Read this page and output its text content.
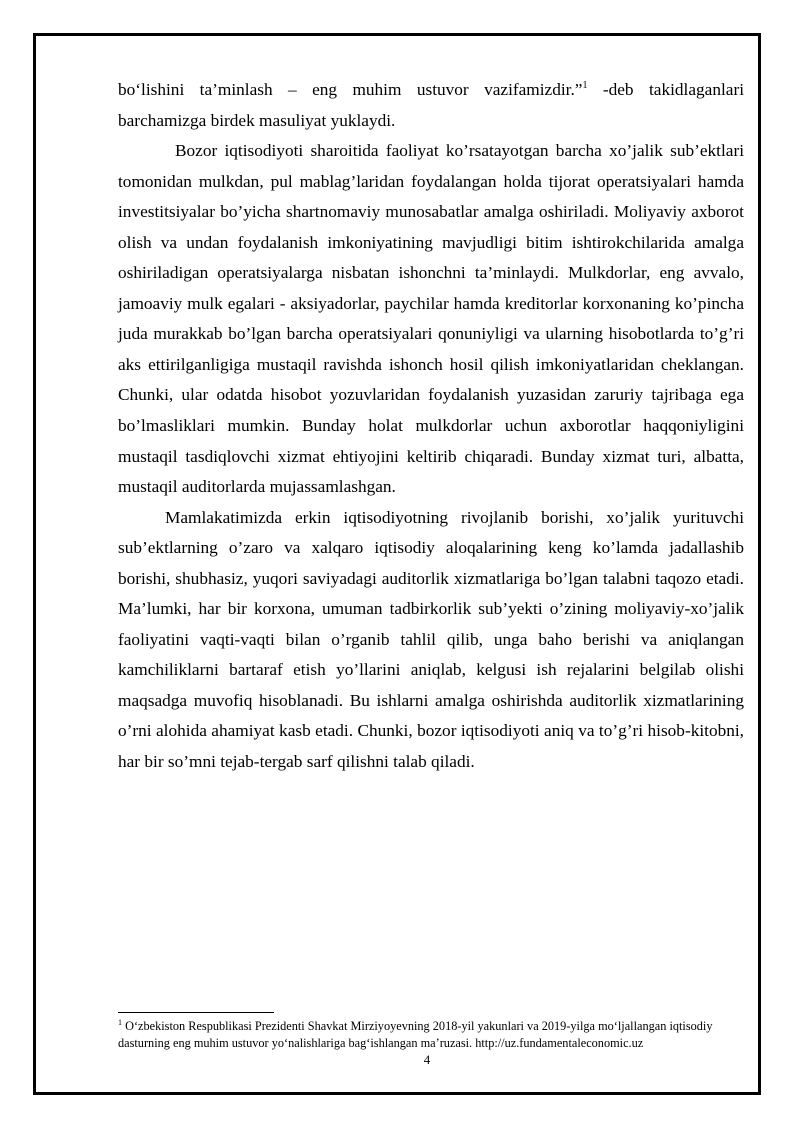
bo‘lishini ta’minlash – eng muhim ustuvor vazifamizdir.”$^1$ -deb takidlaganlari barchamizga birdek masuliyat yuklaydi.

Bozor iqtisodiyoti sharoitida faoliyat ko’rsatayotgan barcha xo’jalik sub’ektlari tomonidan mulkdan, pul mablag’laridan foydalangan holda tijorat operatsiyalari hamda investitsiyalar bo’yicha shartnomaviy munosabatlar amalga oshiriladi. Moliyaviy axborot olish va undan foydalanish imkoniyatining mavjudligi bitim ishtirokchilarida amalga oshiriladigan operatsiyalarga nisbatan ishonchni ta’minlaydi. Mulkdorlar, eng avvalo, jamoaviy mulk egalari - aksiyadorlar, paychilar hamda kreditorlar korxonaning ko’pincha juda murakkab bo’lgan barcha operatsiyalari qonuniyligi va ularning hisobotlarda to’g’ri aks ettirilganligiga mustaqil ravishda ishonch hosil qilish imkoniyatlaridan cheklangan. Chunki, ular odatda hisobot yozuvlaridan foydalanish yuzasidan zaruriy tajribaga ega bo’lmasliklari mumkin. Bunday holat mulkdorlar uchun axborotlar haqqoniyligini mustaqil tasdiqlovchi xizmat ehtiyojini keltirib chiqaradi. Bunday xizmat turi, albatta, mustaqil auditorlarda mujassamlashgan.

Mamlakatimizda erkin iqtisodiyotning rivojlanib borishi, xo’jalik yurituvchi sub’ektlarning o’zaro va xalqaro iqtisodiy aloqalarining keng ko’lamda jadallashib borishi, shubhasiz, yuqori saviyadagi auditorlik xizmatlariga bo’lgan talabni taqozo etadi. Ma’lumki, har bir korxona, umuman tadbirkorlik sub’yekti o’zining moliyaviy-xo’jalik faoliyatini vaqti-vaqti bilan o’rganib tahlil qilib, unga baho berishi va aniqlangan kamchiliklarni bartaraf etish yo’llarini aniqlab, kelgusi ish rejalarini belgilab olishi maqsadga muvofiq hisoblanadi. Bu ishlarni amalga oshirishda auditorlik xizmatlarining o’rni alohida ahamiyat kasb etadi. Chunki, bozor iqtisodiyoti aniq va to’g’ri hisob-kitobni, har bir so’mni tejab-tergab sarf qilishni talab qiladi.

$^1$ O‘zbekiston Respublikasi Prezidenti Shavkat Mirziyoyevning 2018-yil yakunlari va 2019-yilga mo‘ljallangan iqtisodiy dasturning eng muhim ustuvor yo‘nalishlariga bag‘ishlangan ma’ruzasi. http://uz.fundamentaleconomic.uz
4
